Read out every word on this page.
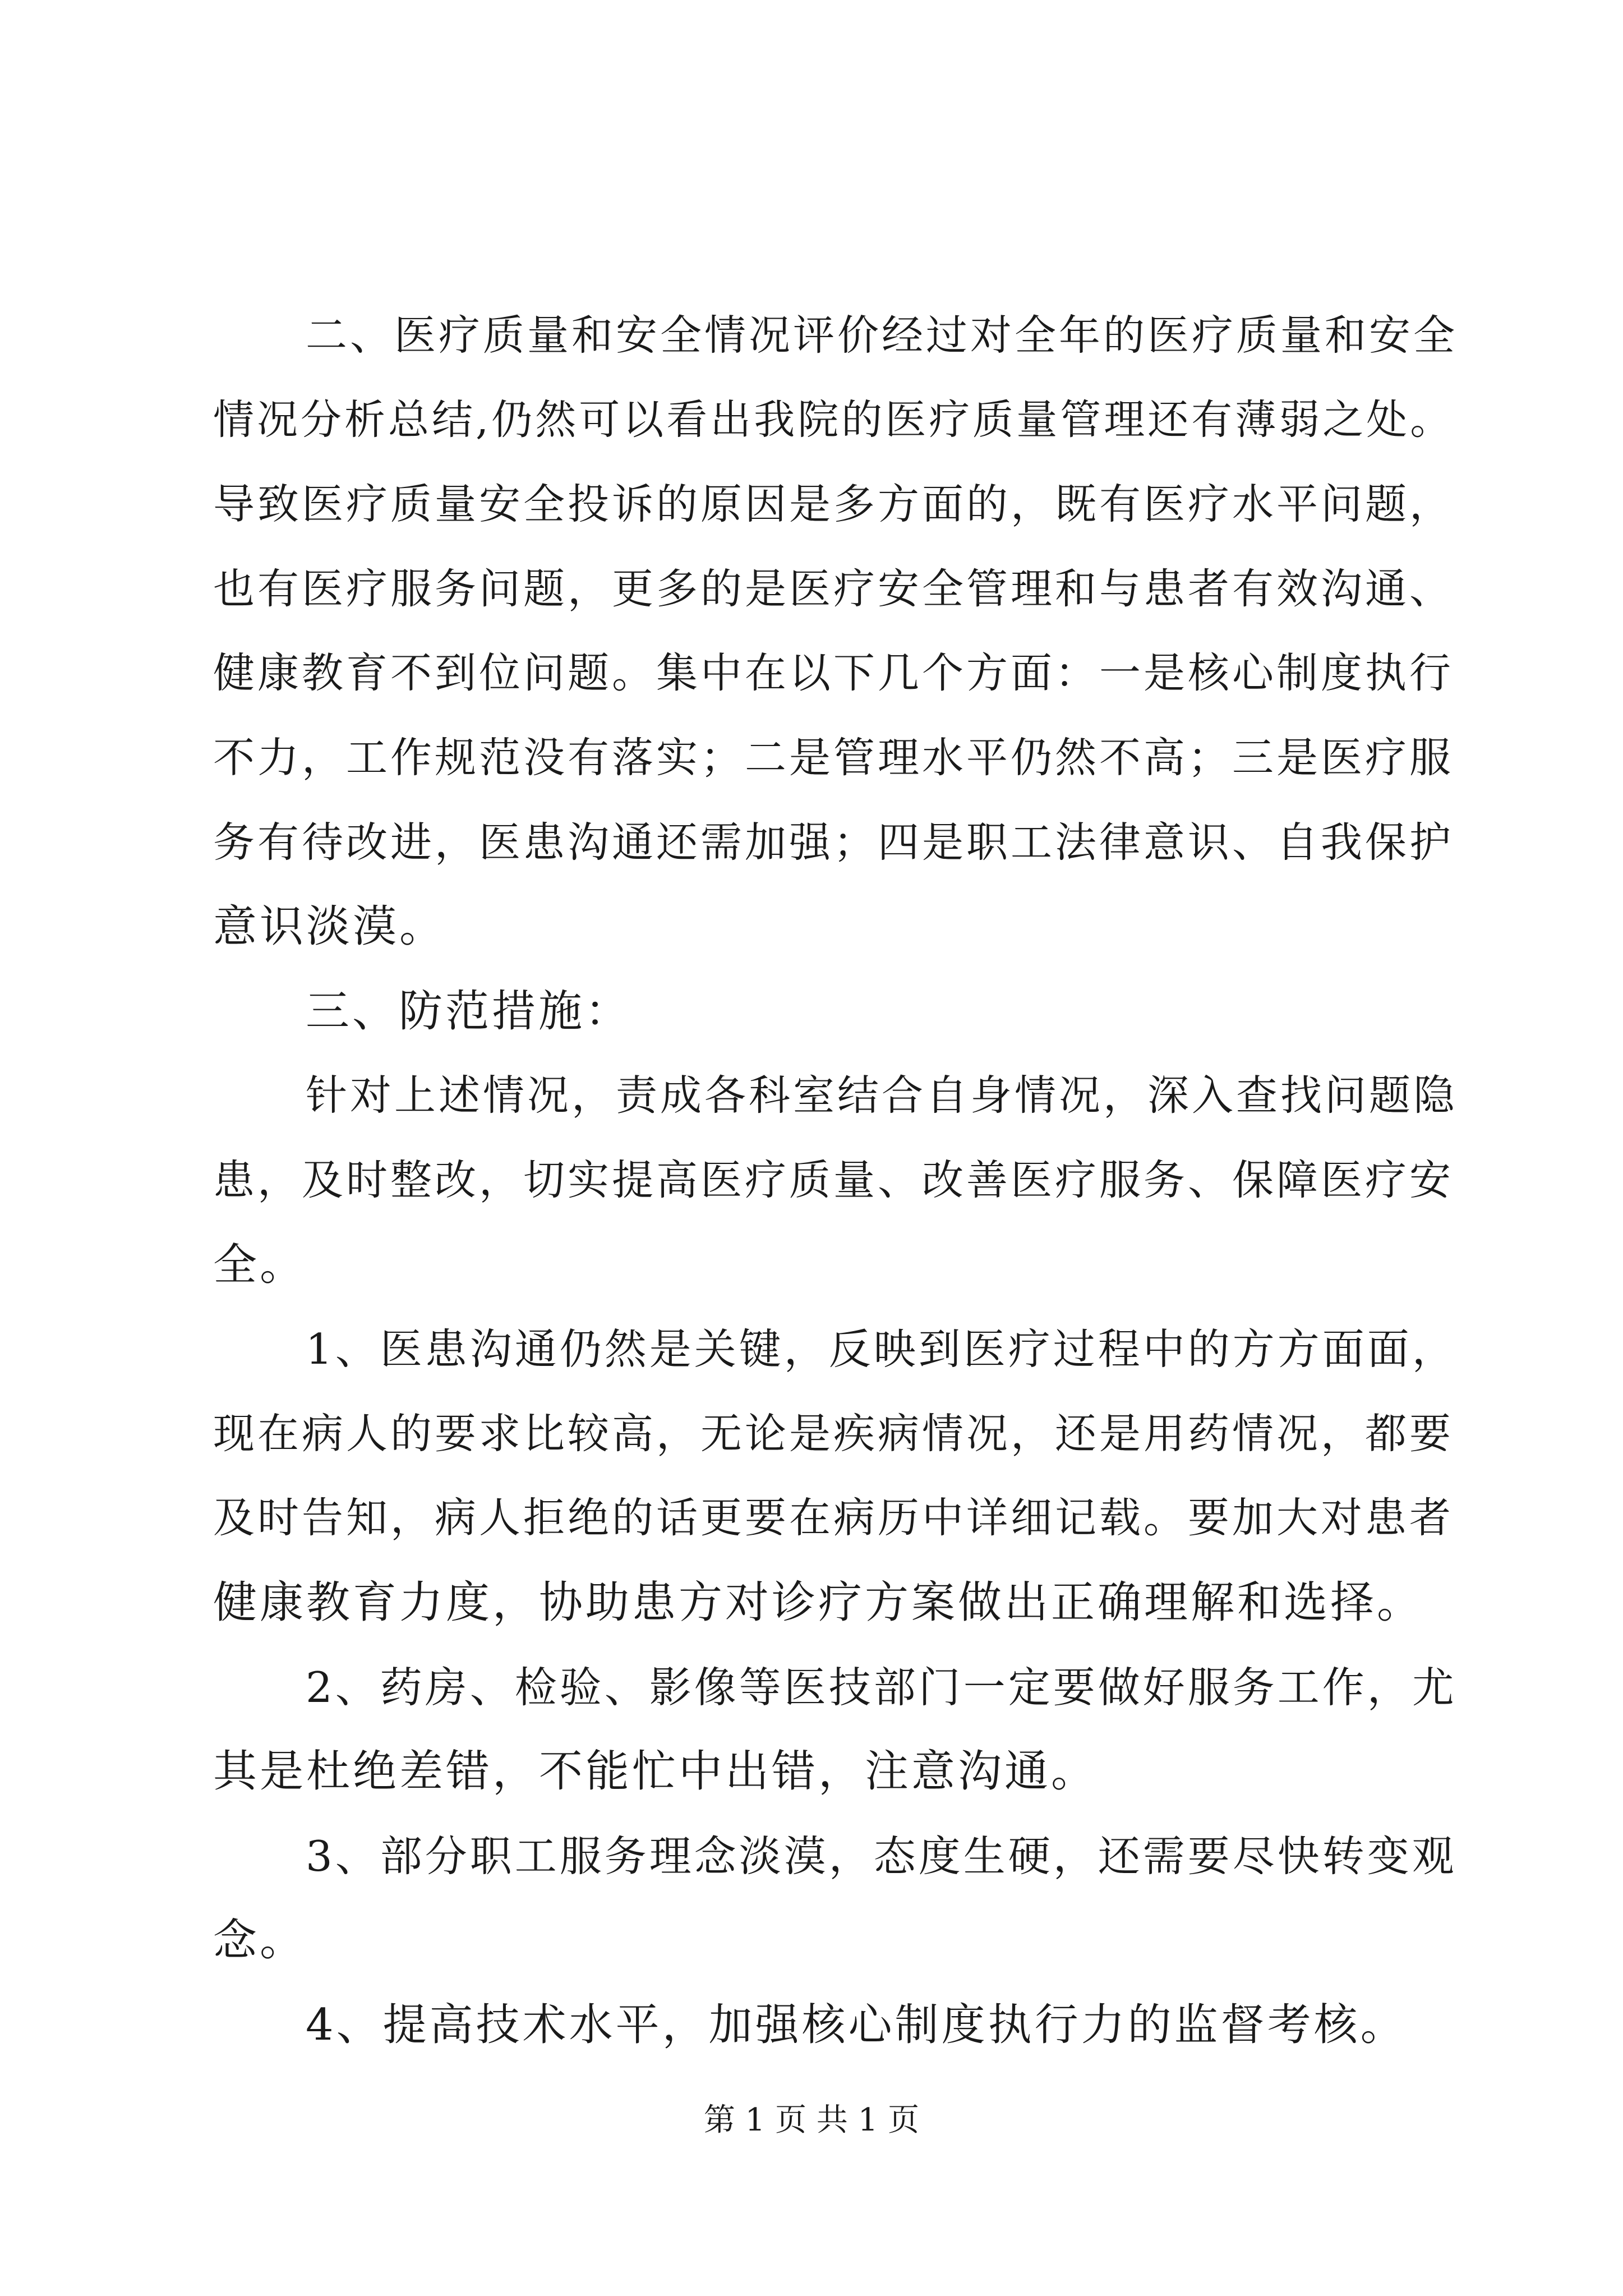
二、医疗质量和安全情况评价经过对全年的医疗质量和安全
情况分析总结,仍然可以看出我院的医疗质量管理还有薄弱之处。
导致医疗质量安全投诉的原因是多方面的，既有医疗水平问题，
也有医疗服务问题，更多的是医疗安全管理和与患者有效沟通、
健康教育不到位问题。集中在以下几个方面：一是核心制度执行
不力，工作规范没有落实；二是管理水平仍然不高；三是医疗服
务有待改进，医患沟通还需加强；四是职工法律意识、自我保护
意识淡漠。
三、防范措施：
针对上述情况，责成各科室结合自身情况，深入查找问题隐
患，及时整改，切实提高医疗质量、改善医疗服务、保障医疗安
全。
1、医患沟通仍然是关键，反映到医疗过程中的方方面面，
现在病人的要求比较高，无论是疾病情况，还是用药情况，都要
及时告知，病人拒绝的话更要在病历中详细记载。要加大对患者
健康教育力度，协助患方对诊疗方案做出正确理解和选择。
2、药房、检验、影像等医技部门一定要做好服务工作，尤
其是杜绝差错，不能忙中出错，注意沟通。
3、部分职工服务理念淡漠，态度生硬，还需要尽快转变观
念。
4、提高技术水平，加强核心制度执行力的监督考核。
第 1 页 共 1 页
